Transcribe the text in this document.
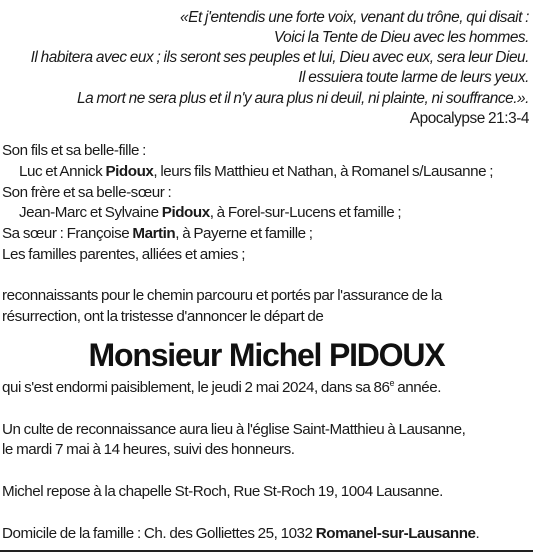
«Et j'entendis une forte voix, venant du trône, qui disait :
Voici la Tente de Dieu avec les hommes.
Il habitera avec eux ; ils seront ses peuples et lui, Dieu avec eux, sera leur Dieu.
Il essuiera toute larme de leurs yeux.
La mort ne sera plus et il n'y aura plus ni deuil, ni plainte, ni souffrance.».
Apocalypse 21:3-4
Son fils et sa belle-fille :
Luc et Annick Pidoux, leurs fils Matthieu et Nathan, à Romanel s/Lausanne ;
Son frère et sa belle-sœur :
Jean-Marc et Sylvaine Pidoux, à Forel-sur-Lucens et famille ;
Sa sœur : Françoise Martin, à Payerne et famille ;
Les familles parentes, alliées et amies ;
reconnaissants pour le chemin parcouru et portés par l'assurance de la
résurrection, ont la tristesse d'annoncer le départ de
Monsieur Michel PIDOUX
qui s'est endormi paisiblement, le jeudi 2 mai 2024, dans sa 86e année.
Un culte de reconnaissance aura lieu à l'église Saint-Matthieu à Lausanne,
le mardi 7 mai à 14 heures, suivi des honneurs.
Michel repose à la chapelle St-Roch, Rue St-Roch 19, 1004 Lausanne.
Domicile de la famille : Ch. des Golliettes 25, 1032 Romanel-sur-Lausanne.
